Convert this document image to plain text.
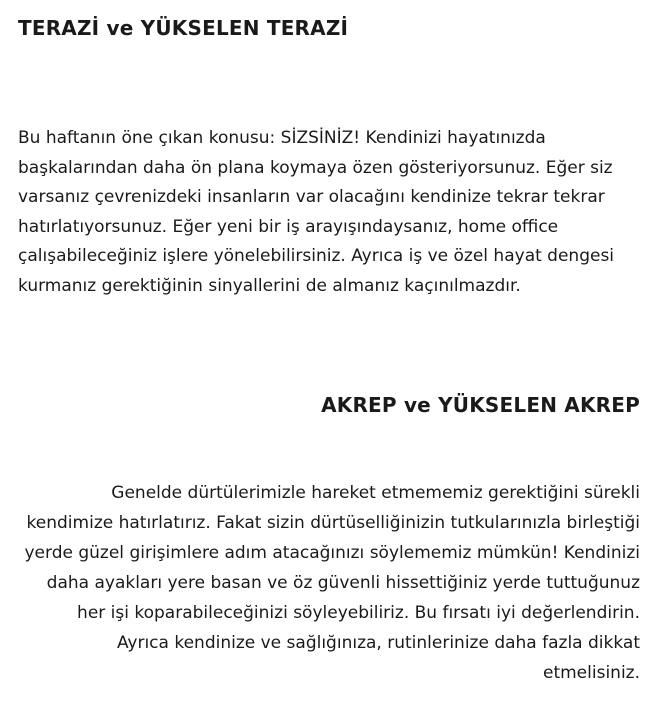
TERAZİ ve YÜKSELEN TERAZİ

Bu haftanın öne çıkan konusu: SİZSİNİZ! Kendinizi hayatınızda
başkalarından daha ön plana koymaya özen gösteriyorsunuz. Eğer siz
varsanız çevrenizdeki insanların var olacağını kendinize tekrar tekrar
hatırlatıyorsunuz. Eğer yeni bir iş arayışındaysanız, home office
çalışabileceğiniz işlere yönelebilirsiniz. Ayrıca iş ve özel hayat dengesi
kurmanız gerektiğinin sinyallerini de almanız kaçınılmazdır.

AKREP ve YÜKSELEN AKREP

Genelde dürtülerimizle hareket etmememiz gerektiğini sürekli
kendimize hatırlatırız. Fakat sizin dürtüselliğinizin tutkularınızla birleştiği
yerde güzel girişimlere adım atacağınızı söylememiz mümkün! Kendinizi
daha ayakları yere basan ve öz güvenli hissettiğiniz yerde tuttuğunuz
her işi koparabileceğinizi söyleyebiliriz. Bu fırsatı iyi değerlendirin.
Ayrıca kendinize ve sağlığınıza, rutinlerinize daha fazla dikkat
etmelisiniz.
